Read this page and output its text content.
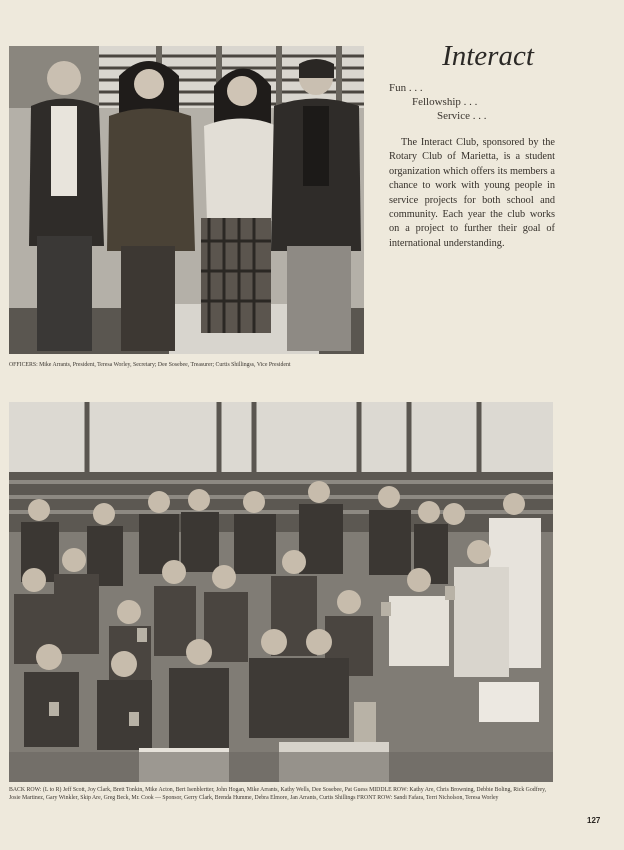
Interact
Fun . . .
Fellowship . . .
Service . . .

The Interact Club, sponsored by the Rotary Club of Marietta, is a student organization which offers its members a chance to work with young people in service projects for both school and community. Each year the club works on a project to further their goal of international understanding.

OFFICERS: Mike Arrants, President, Teresa Worley, Secretary; Dee Sosebee, Treasurer; Curtis Shillingss, Vice President

BACK ROW: (L to R) Jeff Scott, Joy Clark, Brett Tonkin, Mike Acton, Bert Isenblertter, John Hogan, Mike Arrants, Kathy Wells, Dee Sosebee, Pat Guess MIDDLE ROW: Kathy Are, Chris Browning, Debbie Boling, Rick Godfrey, Josie Martinez, Gary Winkler, Skip Are, Greg Beck, Mr. Cook — Sponsor, Gerry Clark, Brenda Humme, Debra Elmore, Jan Arrants, Curtis Shillings FRONT ROW: Sandi Fafara, Terri Nicholson, Teresa Worley

127
